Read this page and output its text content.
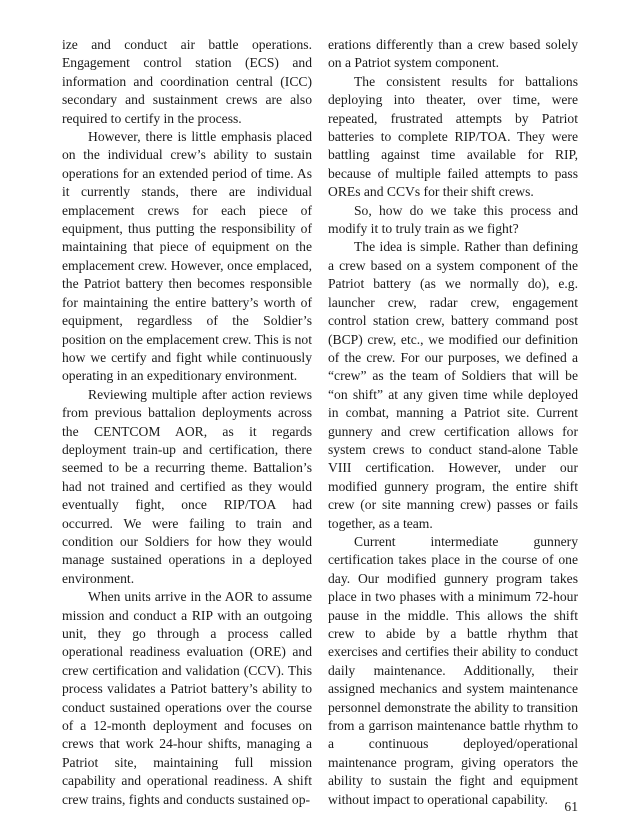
ize and conduct air battle operations. Engagement control station (ECS) and information and coordination central (ICC) secondary and sustainment crews are also required to certify in the process.

However, there is little emphasis placed on the individual crew’s ability to sustain operations for an extended period of time. As it currently stands, there are individual emplacement crews for each piece of equipment, thus putting the responsibility of maintaining that piece of equipment on the emplacement crew. However, once emplaced, the Patriot battery then becomes responsible for maintaining the entire battery’s worth of equipment, regardless of the Soldier’s position on the emplacement crew. This is not how we certify and fight while continuously operating in an expeditionary environment.

Reviewing multiple after action reviews from previous battalion deployments across the CENTCOM AOR, as it regards deployment train-up and certification, there seemed to be a recurring theme. Battalion’s had not trained and certified as they would eventually fight, once RIP/TOA had occurred. We were failing to train and condition our Soldiers for how they would manage sustained operations in a deployed environment.

When units arrive in the AOR to assume mission and conduct a RIP with an outgoing unit, they go through a process called operational readiness evaluation (ORE) and crew certification and validation (CCV). This process validates a Patriot battery’s ability to conduct sustained operations over the course of a 12-month deployment and focuses on crews that work 24-hour shifts, managing a Patriot site, maintaining full mission capability and operational readiness. A shift crew trains, fights and conducts sustained op-

erations differently than a crew based solely on a Patriot system component.

The consistent results for battalions deploying into theater, over time, were repeated, frustrated attempts by Patriot batteries to complete RIP/TOA. They were battling against time available for RIP, because of multiple failed attempts to pass OREs and CCVs for their shift crews.

So, how do we take this process and modify it to truly train as we fight?

The idea is simple. Rather than defining a crew based on a system component of the Patriot battery (as we normally do), e.g. launcher crew, radar crew, engagement control station crew, battery command post (BCP) crew, etc., we modified our definition of the crew. For our purposes, we defined a “crew” as the team of Soldiers that will be “on shift” at any given time while deployed in combat, manning a Patriot site. Current gunnery and crew certification allows for system crews to conduct stand-alone Table VIII certification. However, under our modified gunnery program, the entire shift crew (or site manning crew) passes or fails together, as a team.

Current intermediate gunnery certification takes place in the course of one day. Our modified gunnery program takes place in two phases with a minimum 72-hour pause in the middle. This allows the shift crew to abide by a battle rhythm that exercises and certifies their ability to conduct daily maintenance. Additionally, their assigned mechanics and system maintenance personnel demonstrate the ability to transition from a garrison maintenance battle rhythm to a continuous deployed/operational maintenance program, giving operators the ability to sustain the fight and equipment without impact to operational capability.	61
